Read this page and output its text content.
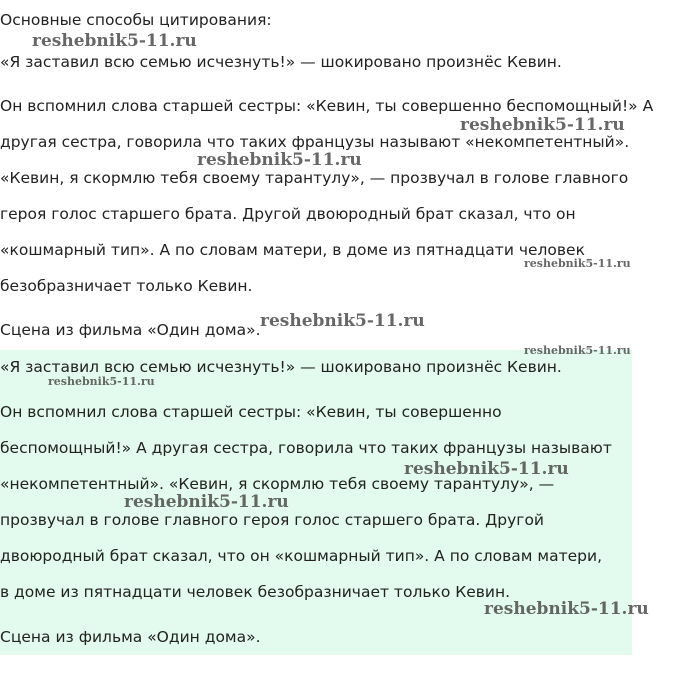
Основные способы цитирования:
«Я заставил всю семью исчезнуть!» — шокировано произнёс Кевин.
Он вспомнил слова старшей сестры: «Кевин, ты совершенно беспомощный!» А
другая сестра, говорила что таких французы называют «некомпетентный».
«Кевин, я скормлю тебя своему тарантулу», — прозвучал в голове главного
героя голос старшего брата. Другой двоюродный брат сказал, что он
«кошмарный тип». А по словам матери, в доме из пятнадцати человек
безобразничает только Кевин.
Сцена из фильма «Один дома».
«Я заставил всю семью исчезнуть!» — шокировано произнёс Кевин.
Он вспомнил слова старшей сестры: «Кевин, ты совершенно
беспомощный!» А другая сестра, говорила что таких французы называют
«некомпетентный». «Кевин, я скормлю тебя своему тарантулу», —
прозвучал в голове главного героя голос старшего брата. Другой
двоюродный брат сказал, что он «кошмарный тип». А по словам матери,
в доме из пятнадцати человек безобразничает только Кевин.
Сцена из фильма «Один дома».
reshebnik5-11.ru
reshebnik5-11.ru
reshebnik5-11.ru
reshebnik5-11.ru
reshebnik5-11.ru
reshebnik5-11.ru
reshebnik5-11.ru
reshebnik5-11.ru
reshebnik5-11.ru
reshebnik5-11.ru
